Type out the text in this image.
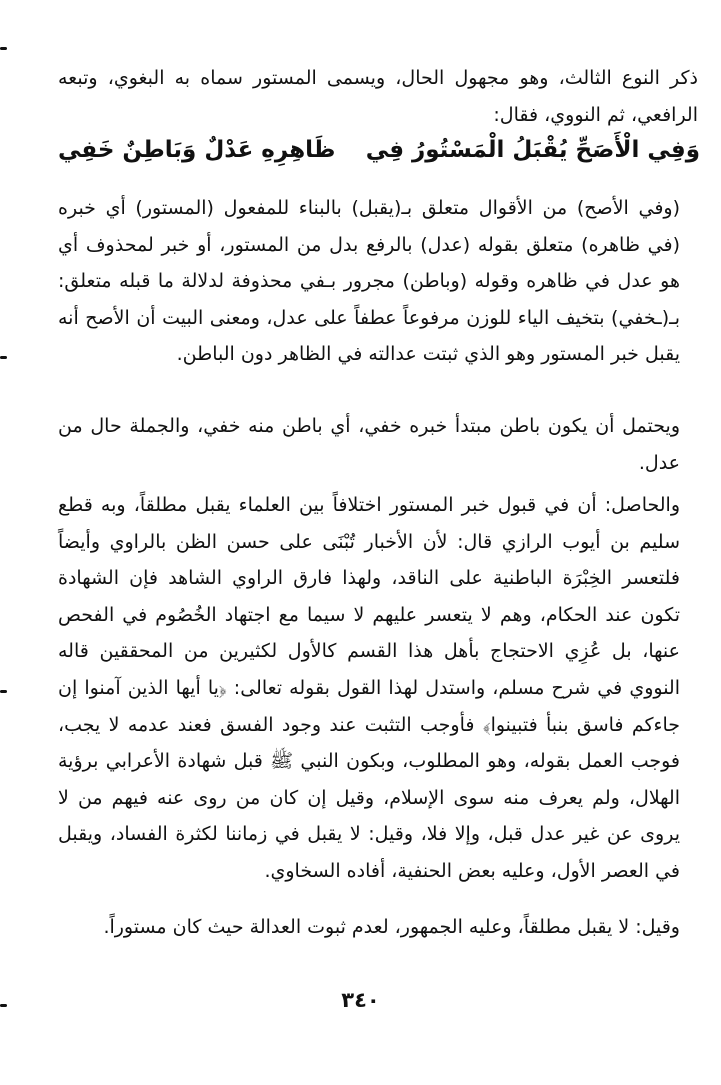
ذكر النوع الثالث، وهو مجهول الحال، ويسمى المستور سماه به البغوي، وتبعه الرافعي، ثم النووي، فقال:

وَفِي الْأَصَحِّ يُقْبَلُ الْمَسْتُورُ فِي
ظَاهِرِهِ عَدْلٌ وَبَاطِنٌ خَفِي

(وفي الأصح) من الأقوال متعلق بـ(يقبل) بالبناء للمفعول (المستور) أي خبره (في ظاهره) متعلق بقوله (عدل) بالرفع بدل من المستور، أو خبر لمحذوف أي هو عدل في ظاهره وقوله (وباطن) مجرور بـفي محذوفة لدلالة ما قبله متعلق: بـ(ـخفي) بتخيف الياء للوزن مرفوعاً عطفاً على عدل، ومعنى البيت أن الأصح أنه يقبل خبر المستور وهو الذي ثبتت عدالته في الظاهر دون الباطن.

ويحتمل أن يكون باطن مبتدأ خبره خفي، أي باطن منه خفي، والجملة حال من عدل.

والحاصل: أن في قبول خبر المستور اختلافاً بين العلماء يقبل مطلقاً، وبه قطع سليم بن أيوب الرازي قال: لأن الأخبار تُبْنَى على حسن الظن بالراوي وأيضاً فلتعسر الخِبْرَة الباطنية على الناقد، ولهذا فارق الراوي الشاهد فإن الشهادة تكون عند الحكام، وهم لا يتعسر عليهم لا سيما مع اجتهاد الخُصُوم في الفحص عنها، بل عُزِي الاحتجاج بأهل هذا القسم كالأول لكثيرين من المحققين قاله النووي في شرح مسلم، واستدل لهذا القول بقوله تعالى: ﴿يا أيها الذين آمنوا إن جاءكم فاسق بنبأ فتبينوا﴾ فأوجب التثبت عند وجود الفسق فعند عدمه لا يجب، فوجب العمل بقوله، وهو المطلوب، وبكون النبي ﷺ قبل شهادة الأعرابي برؤية الهلال، ولم يعرف منه سوى الإسلام، وقيل إن كان من روى عنه فيهم من لا يروى عن غير عدل قبل، وإلا فلا، وقيل: لا يقبل في زماننا لكثرة الفساد، ويقبل في العصر الأول، وعليه بعض الحنفية، أفاده السخاوي.

وقيل: لا يقبل مطلقاً، وعليه الجمهور، لعدم ثبوت العدالة حيث كان مستوراً.

٣٤٠
